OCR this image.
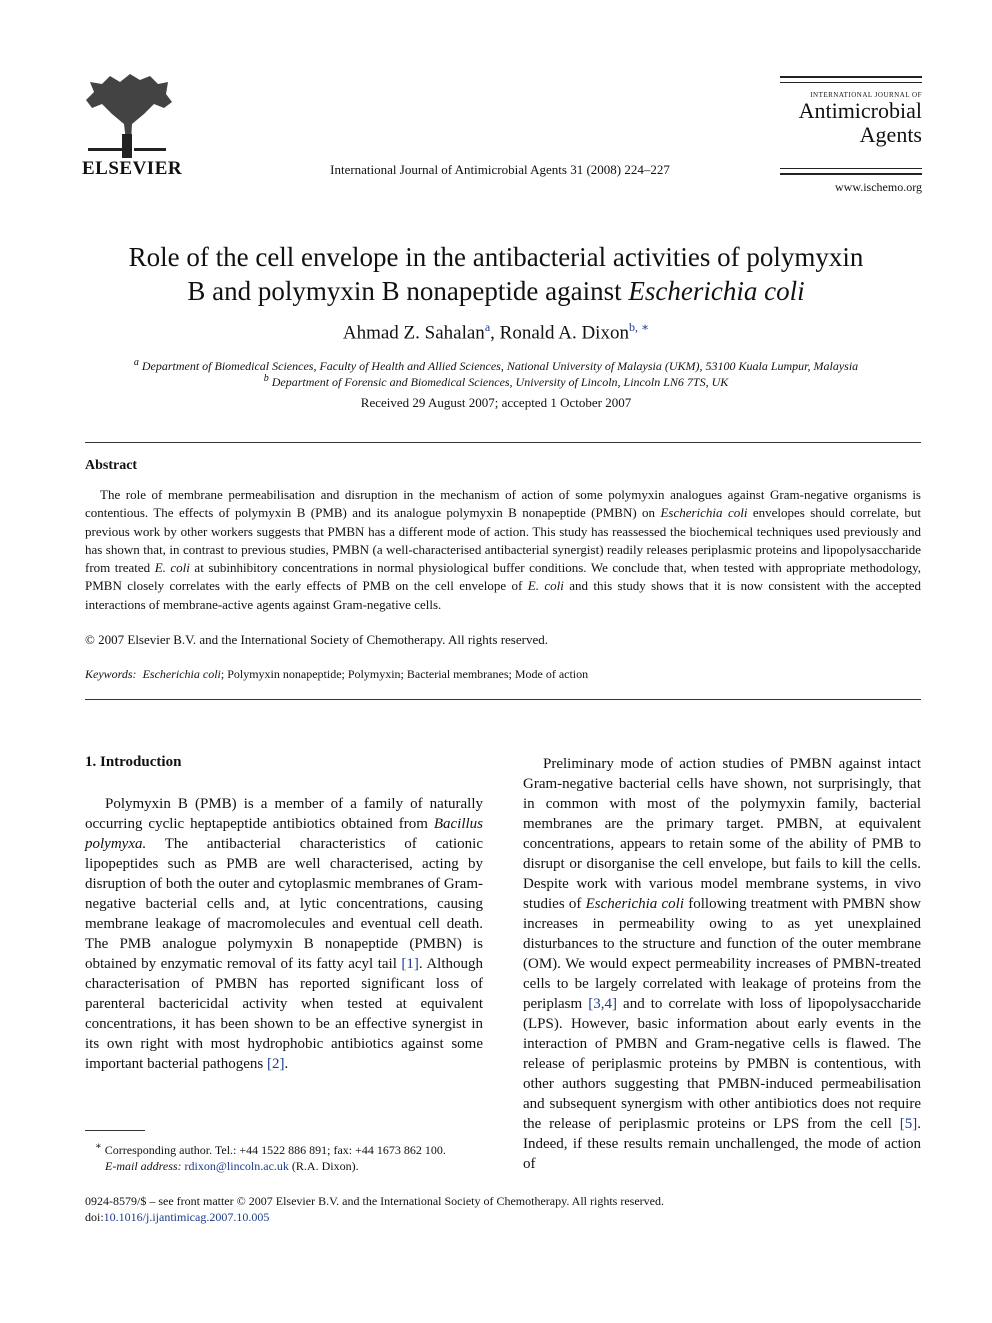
ELSEVIER	International Journal of Antimicrobial Agents 31 (2008) 224–227
INTERNATIONAL JOURNAL OF
Antimicrobial
Agents
www.ischemo.org
Role of the cell envelope in the antibacterial activities of polymyxin
B and polymyxin B nonapeptide against Escherichia coli
Ahmad Z. Sahalan$^a$, Ronald A. Dixon$^{b, ∗}$
$^a$ Department of Biomedical Sciences, Faculty of Health and Allied Sciences, National University of Malaysia (UKM), 53100 Kuala Lumpur, Malaysia
$^b$ Department of Forensic and Biomedical Sciences, University of Lincoln, Lincoln LN6 7TS, UK
Received 29 August 2007; accepted 1 October 2007
Abstract
The role of membrane permeabilisation and disruption in the mechanism of action of some polymyxin analogues against Gram-negative organisms is contentious. The effects of polymyxin B (PMB) and its analogue polymyxin B nonapeptide (PMBN) on Escherichia coli envelopes should correlate, but previous work by other workers suggests that PMBN has a different mode of action. This study has reassessed the biochemical techniques used previously and has shown that, in contrast to previous studies, PMBN (a well-characterised antibacterial synergist) readily releases periplasmic proteins and lipopolysaccharide from treated E. coli at subinhibitory concentrations in normal physiological buffer conditions. We conclude that, when tested with appropriate methodology, PMBN closely correlates with the early effects of PMB on the cell envelope of E. coli and this study shows that it is now consistent with the accepted interactions of membrane-active agents against Gram-negative cells.
© 2007 Elsevier B.V. and the International Society of Chemotherapy. All rights reserved.
Keywords: Escherichia coli; Polymyxin nonapeptide; Polymyxin; Bacterial membranes; Mode of action
1. Introduction
Polymyxin B (PMB) is a member of a family of naturally occurring cyclic heptapeptide antibiotics obtained from Bacillus polymyxa. The antibacterial characteristics of cationic lipopeptides such as PMB are well characterised, acting by disruption of both the outer and cytoplasmic membranes of Gram-negative bacterial cells and, at lytic concentrations, causing membrane leakage of macromolecules and eventual cell death. The PMB analogue polymyxin B nonapeptide (PMBN) is obtained by enzymatic removal of its fatty acyl tail [1]. Although characterisation of PMBN has reported significant loss of parenteral bactericidal activity when tested at equivalent concentrations, it has been shown to be an effective synergist in its own right with most hydrophobic antibiotics against some important bacterial pathogens [2].
∗ Corresponding author. Tel.: +44 1522 886 891; fax: +44 1673 862 100.
E-mail address: rdixon@lincoln.ac.uk (R.A. Dixon).
Preliminary mode of action studies of PMBN against intact Gram-negative bacterial cells have shown, not surprisingly, that in common with most of the polymyxin family, bacterial membranes are the primary target. PMBN, at equivalent concentrations, appears to retain some of the ability of PMB to disrupt or disorganise the cell envelope, but fails to kill the cells. Despite work with various model membrane systems, in vivo studies of Escherichia coli following treatment with PMBN show increases in permeability owing to as yet unexplained disturbances to the structure and function of the outer membrane (OM). We would expect permeability increases of PMBN-treated cells to be largely correlated with leakage of proteins from the periplasm [3,4] and to correlate with loss of lipopolysaccharide (LPS). However, basic information about early events in the interaction of PMBN and Gram-negative cells is flawed. The release of periplasmic proteins by PMBN is contentious, with other authors suggesting that PMBN-induced permeabilisation and subsequent synergism with other antibiotics does not require the release of periplasmic proteins or LPS from the cell [5]. Indeed, if these results remain unchallenged, the mode of action of
0924-8579/$ – see front matter © 2007 Elsevier B.V. and the International Society of Chemotherapy. All rights reserved.
doi:10.1016/j.ijantimicag.2007.10.005
